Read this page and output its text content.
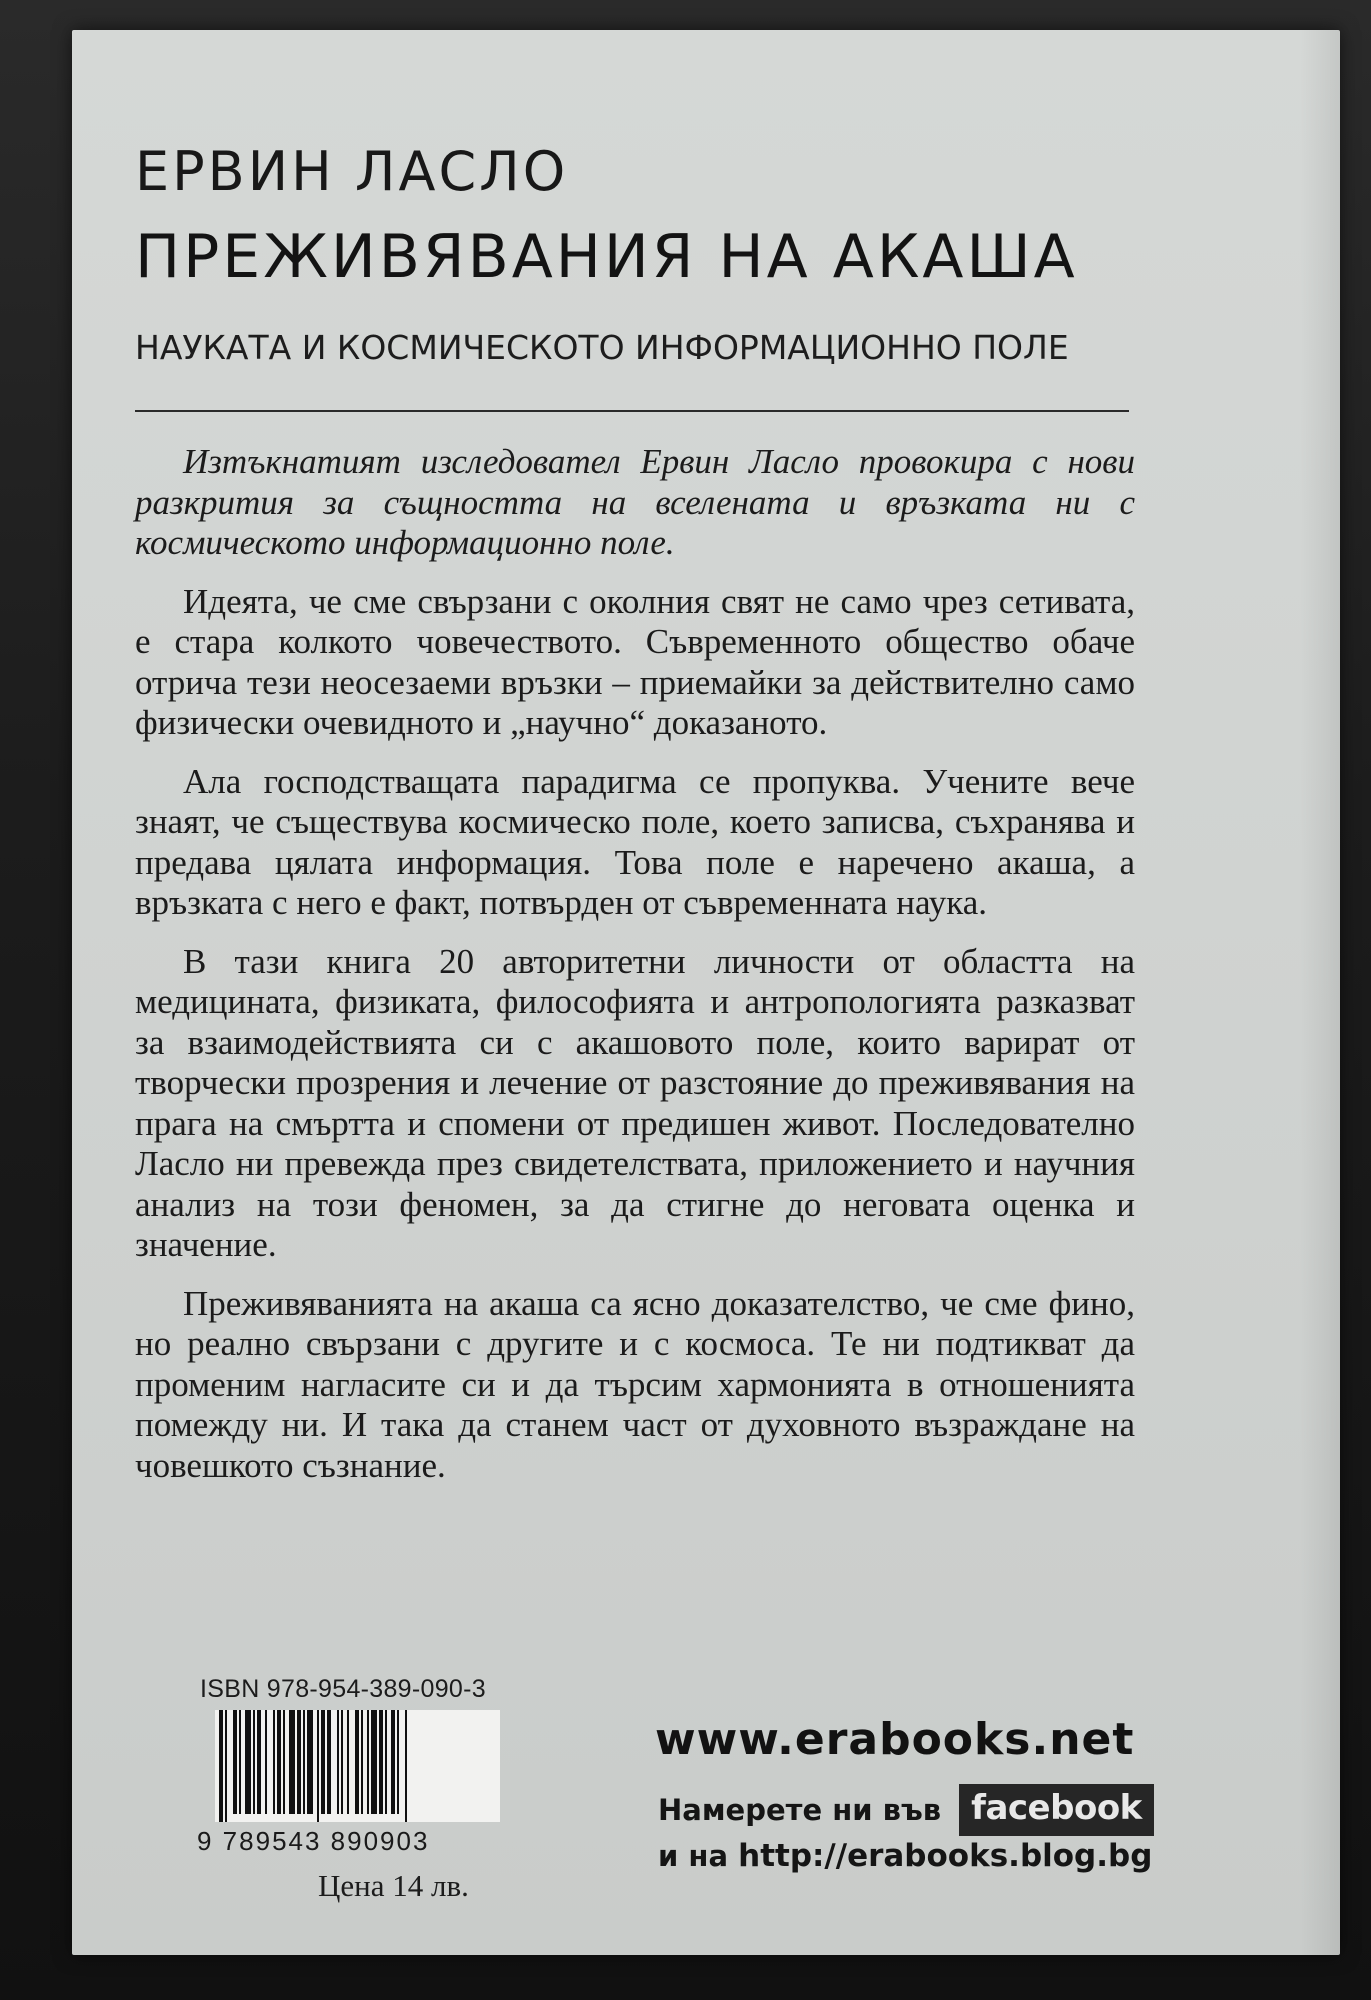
ЕРВИН ЛАСЛО
ПРЕЖИВЯВАНИЯ НА АКАША
НАУКАТА И КОСМИЧЕСКОТО ИНФОРМАЦИОННО ПОЛЕ

Изтъкнатият изследовател Ервин Ласло провокира с нови разкрития за същността на вселената и връзката ни с космическото информационно поле.

Идеята, че сме свързани с околния свят не само чрез сетивата, е стара колкото човечеството. Съвременното общество обаче отрича тези неосезаеми връзки – приемайки за действително само физически очевидното и „научно“ доказаното.

Ала господстващата парадигма се пропуква. Учените вече знаят, че съществува космическо поле, което записва, съхранява и предава цялата информация. Това поле е наречено акаша, а връзката с него е факт, потвърден от съвременната наука.

В тази книга 20 авторитетни личности от областта на медицината, физиката, философията и антропологията разказват за взаимодействията си с акашовото поле, които варират от творчески прозрения и лечение от разстояние до преживявания на прага на смъртта и спомени от предишен живот. Последователно Ласло ни превежда през свидетелствата, приложението и научния анализ на този феномен, за да стигне до неговата оценка и значение.

Преживяванията на акаша са ясно доказателство, че сме фино, но реално свързани с другите и с космоса. Те ни подтикват да променим нагласите си и да търсим хармонията в отношенията помежду ни. И така да станем част от духовното възраждане на човешкото съзнание.

ISBN 978-954-389-090-3
9 789543 890903
Цена 14 лв.
www.erabooks.net
Намерете ни във facebook
и на http://erabooks.blog.bg
